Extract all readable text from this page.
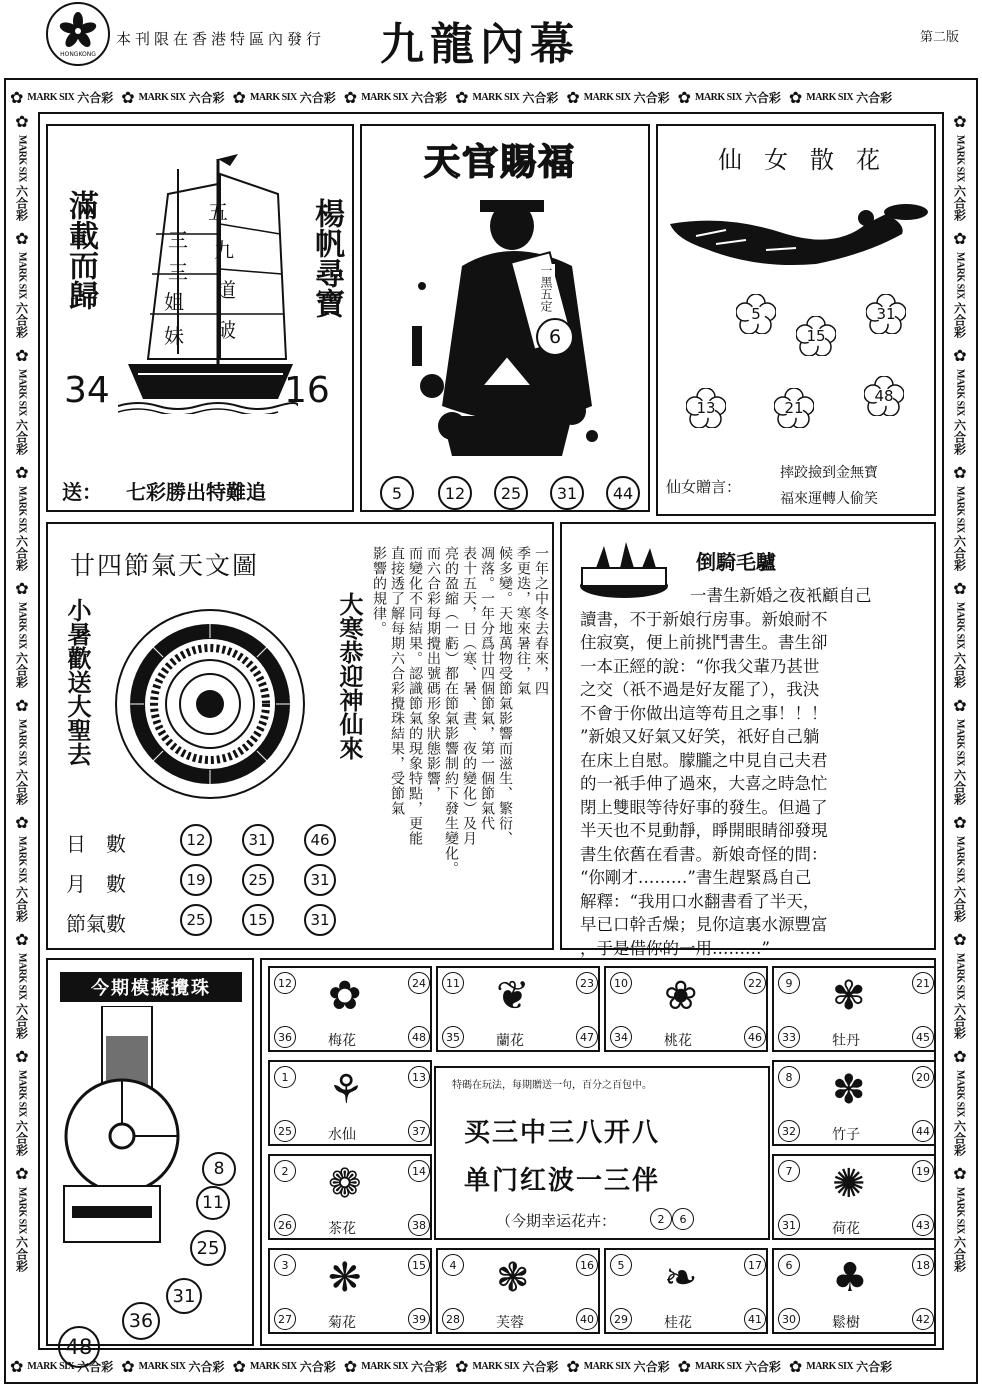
HONGKONG
本刊限在香港特區內發行 九龍內幕	第二版
✿ MARK SIX 六合彩 ✿ MARK SIX 六合彩 ✿ MARK SIX 六合彩 ✿ MARK SIX 六合彩 ✿ MARK SIX 六合彩 ✿ MARK SIX 六合彩 ✿ MARK SIX 六合彩 ✿ MARK SIX 六合彩
✿ MARK SIX 六合彩 ✿ MARK SIX 六合彩 ✿ MARK SIX 六合彩 ✿ MARK SIX 六合彩 ✿ MARK SIX 六合彩 ✿ MARK SIX 六合彩 ✿ MARK SIX 六合彩 ✿ MARK SIX 六合彩
✿
MARK SIX
六合彩
✿
MARK SIX
六合彩
✿
MARK SIX
六合彩
✿
MARK SIX
六合彩
✿
MARK SIX
六合彩
✿
MARK SIX
六合彩
✿
MARK SIX
六合彩
✿
MARK SIX
六合彩
✿
MARK SIX
六合彩
✿
MARK SIX
六合彩
✿
MARK SIX
六合彩
✿
MARK SIX
六合彩
✿
MARK SIX
六合彩
✿
MARK SIX
六合彩
✿
MARK SIX
六合彩
✿
MARK SIX
六合彩
✿
MARK SIX
六合彩
✿
MARK SIX
六合彩
✿
MARK SIX
六合彩
✿
MARK SIX
六合彩
滿載而歸	楊帆尋寶
三
三
姐
妹
五
九
道
破
34	16
送： 七彩勝出特難追
天官賜福
一黑五定
6
5	12	25	31	44
仙女散花
5
15
31
13	21
48
仙女贈言：
摔跤撿到金無寶
福來運轉人偷笑
廿四節氣天文圖
小暑歡送大聖去	大寒恭迎神仙來
日　數	12	31	46
月　數	19	25	31
節氣數	25	15	31
一年之中冬去春來，四
季更迭，寒來暑往，氣
候多變。天地萬物受節氣影響而滋生、繁衍、
凋落。一年分爲廿四個節氣，第一個節氣代
表十五天，日（寒、暑、晝、夜的變化）及月
亮的盈縮（一虧）都在節氣影響制約下發生變化。
而六合彩每期攪出號碼形象狀態影響，
而變化不同結果。認識節氣的現象特點，更能
直接透了解每期六合彩攪珠結果，受節氣
影響的規律。	倒騎毛驢
一書生新婚之夜衹顧自己
讀書，不于新娘行房事。新娘耐不
住寂寞，便上前挑鬥書生。書生卻
一本正經的說：“你我父輩乃甚世
之交（祇不過是好友罷了），我決
不會于你做出這等苟且之事！！！
”新娘又好氣又好笑，祇好自己躺
在床上自慰。朦朧之中見自己夫君
的一衹手伸了過來，大喜之時急忙
閉上雙眼等待好事的發生。但過了
半天也不見動靜，睜開眼睛卻發現
書生依舊在看書。新娘奇怪的問：
“你剛才………”書生趕緊爲自己
解釋：“我用口水翻書看了半天，
早已口幹舌燥；見你這裏水源豐富
，于是借你的一用………”
今期模擬攪珠
8
11
25
31
36
48
✿
梅花
12	24
36	48
❦
蘭花
11	23
35	47
❀
桃花
10	22
34	46
✾
牡丹
9	21
33	45
⚘
水仙
1	13
25	37
✽
竹子
8	20
32	44
❁
茶花
2	14
26	38
✺
荷花
7	19
31	43
❋
菊花
3	15
27	39
❃
芙蓉
4	16
28	40
❧
桂花
5	17
29	41
♣
鬆樹
6	18
30	42
特碼在玩法，每期贈送一句，百分之百包中。
买三中三八开八
单门红波一三伴
（今期幸运花卉：	2	6
